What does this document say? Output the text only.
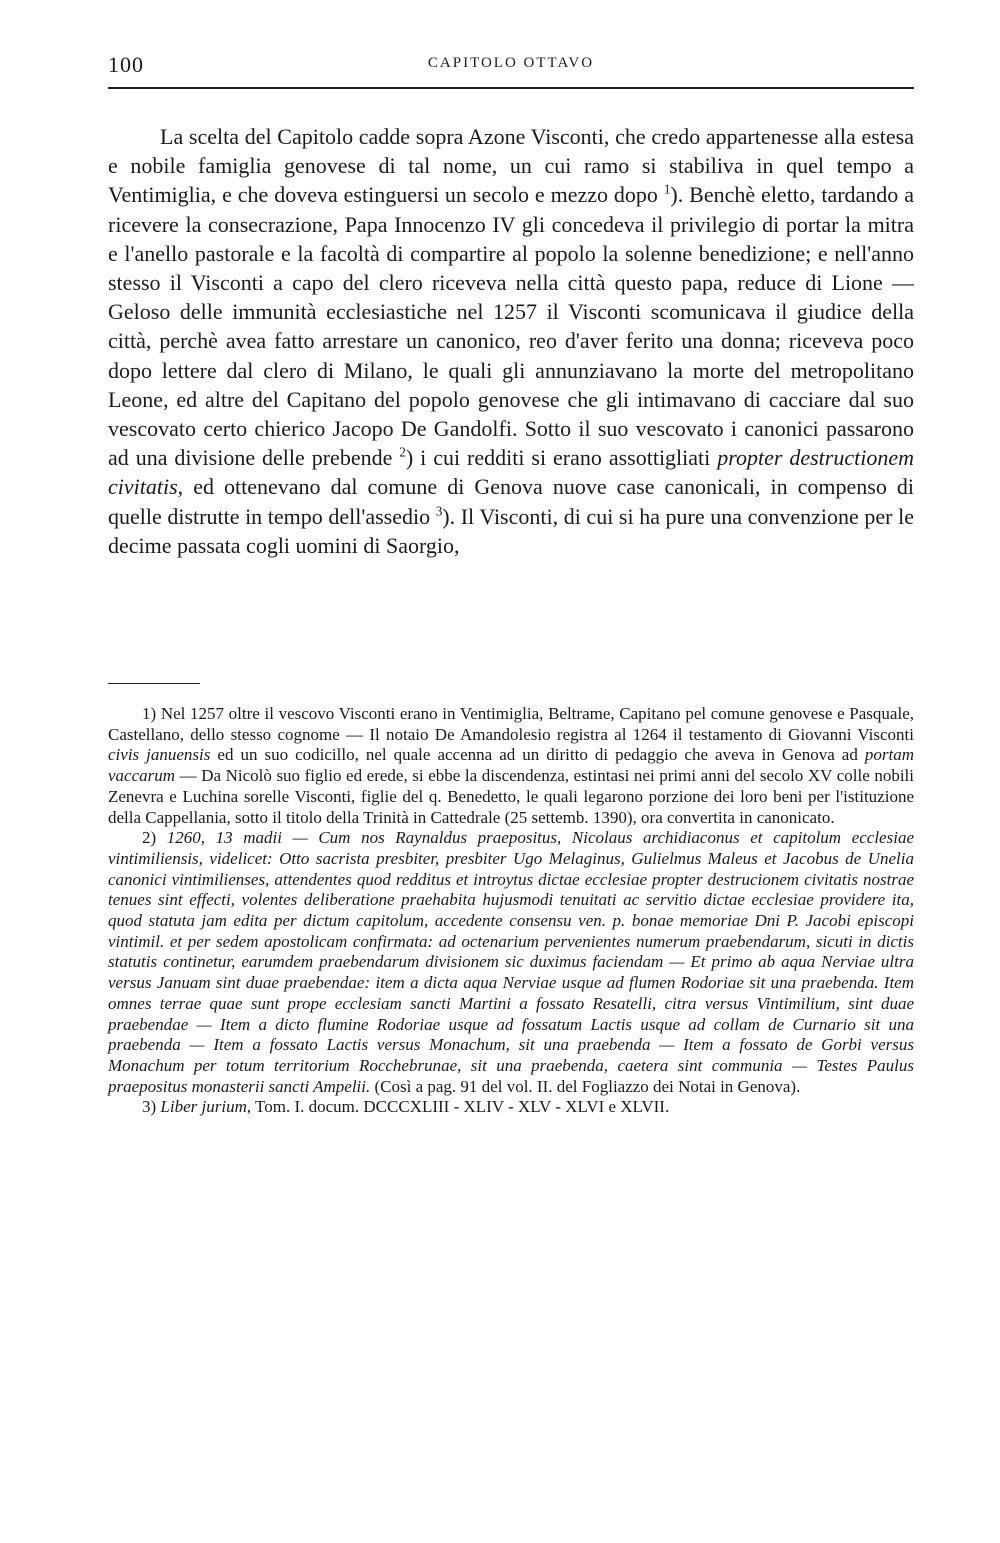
100	CAPITOLO OTTAVO

La scelta del Capitolo cadde sopra Azone Visconti, che credo appartenesse alla estesa e nobile famiglia genovese di tal nome, un cui ramo si stabiliva in quel tempo a Ventimiglia, e che doveva estinguersi un secolo e mezzo dopo $^1$). Benchè eletto, tardando a ricevere la consecrazione, Papa Innocenzo IV gli concedeva il privilegio di portar la mitra e l'anello pastorale e la facoltà di compartire al popolo la solenne benedizione; e nell'anno stesso il Visconti a capo del clero riceveva nella città questo papa, reduce di Lione — Geloso delle immunità ecclesiastiche nel 1257 il Visconti scomunicava il giudice della città, perchè avea fatto arrestare un canonico, reo d'aver ferito una donna; riceveva poco dopo lettere dal clero di Milano, le quali gli annunziavano la morte del metropolitano Leone, ed altre del Capitano del popolo genovese che gli intimavano di cacciare dal suo vescovato certo chierico Jacopo De Gandolfi. Sotto il suo vescovato i canonici passarono ad una divisione delle prebende $^2$) i cui redditi si erano assottigliati propter destructionem civitatis, ed ottenevano dal comune di Genova nuove case canonicali, in compenso di quelle distrutte in tempo dell'assedio $^3$). Il Visconti, di cui si ha pure una convenzione per le decime passata cogli uomini di Saorgio,

1) Nel 1257 oltre il vescovo Visconti erano in Ventimiglia, Beltrame, Capitano pel comune genovese e Pasquale, Castellano, dello stesso cognome — Il notaio De Amandolesio registra al 1264 il testamento di Giovanni Visconti civis januensis ed un suo codicillo, nel quale accenna ad un diritto di pedaggio che aveva in Genova ad portam vaccarum — Da Nicolò suo figlio ed erede, si ebbe la discendenza, estintasi nei primi anni del secolo XV colle nobili Zenevra e Luchina sorelle Visconti, figlie del q. Benedetto, le quali legarono porzione dei loro beni per l'istituzione della Cappellania, sotto il titolo della Trinità in Cattedrale (25 settemb. 1390), ora convertita in canonicato.

2) 1260, 13 madii — Cum nos Raynaldus praepositus, Nicolaus archidiaconus et capitolum ecclesiae vintimiliensis, videlicet: Otto sacrista presbiter, presbiter Ugo Melaginus, Gulielmus Maleus et Jacobus de Unelia canonici vintimilienses, attendentes quod redditus et introytus dictae ecclesiae propter destrucionem civitatis nostrae tenues sint effecti, volentes deliberatione praehabita hujusmodi tenuitati ac servitio dictae ecclesiae providere ita, quod statuta jam edita per dictum capitolum, accedente consensu ven. p. bonae memoriae Dni P. Jacobi episcopi vintimil. et per sedem apostolicam confirmata: ad octenarium pervenientes numerum praebendarum, sicuti in dictis statutis continetur, earumdem praebendarum divisionem sic duximus faciendam — Et primo ab aqua Nerviae ultra versus Januam sint duae praebendae: item a dicta aqua Nerviae usque ad flumen Rodoriae sit una praebenda. Item omnes terrae quae sunt prope ecclesiam sancti Martini a fossato Resatelli, citra versus Vintimilium, sint duae praebendae — Item a dicto flumine Rodoriae usque ad fossatum Lactis usque ad collam de Curnario sit una praebenda — Item a fossato Lactis versus Monachum, sit una praebenda — Item a fossato de Gorbi versus Monachum per totum territorium Rocchebrunae, sit una praebenda, caetera sint communia — Testes Paulus praepositus monasterii sancti Ampelii. (Così a pag. 91 del vol. II. del Fogliazzo dei Notai in Genova).

3) Liber jurium, Tom. I. docum. DCCCXLIII - XLIV - XLV - XLVI e XLVII.
